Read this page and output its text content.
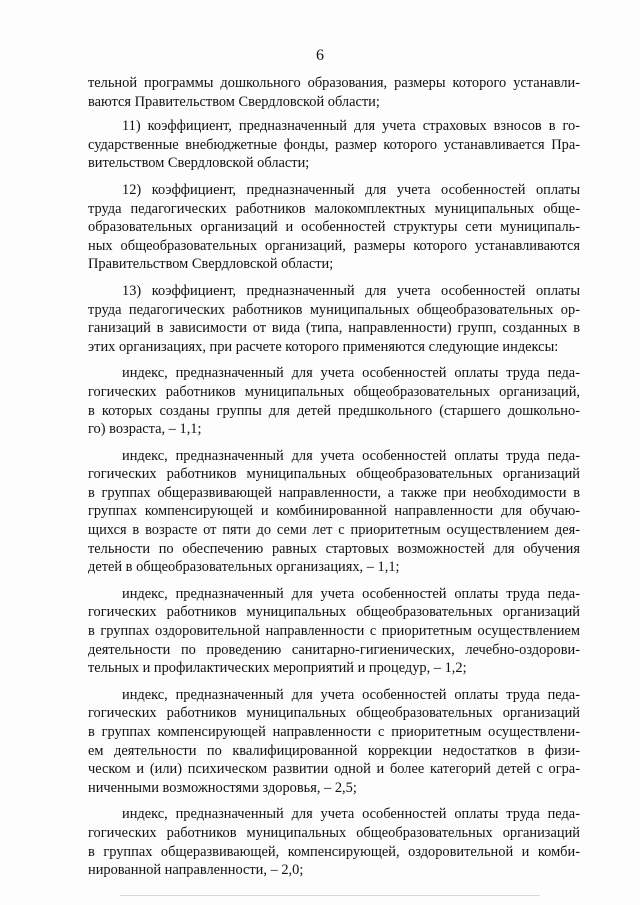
6

тельной программы дошкольного образования, размеры которого устанавли-
ваются Правительством Свердловской области;

11) коэффициент, предназначенный для учета страховых взносов в го-
сударственные внебюджетные фонды, размер которого устанавливается Пра-
вительством Свердловской области;

12) коэффициент, предназначенный для учета особенностей оплаты
труда педагогических работников малокомплектных муниципальных обще-
образовательных организаций и особенностей структуры сети муниципаль-
ных общеобразовательных организаций, размеры которого устанавливаются
Правительством Свердловской области;

13) коэффициент, предназначенный для учета особенностей оплаты
труда педагогических работников муниципальных общеобразовательных ор-
ганизаций в зависимости от вида (типа, направленности) групп, созданных в
этих организациях, при расчете которого применяются следующие индексы:

индекс, предназначенный для учета особенностей оплаты труда педа-
гогических работников муниципальных общеобразовательных организаций,
в которых созданы группы для детей предшкольного (старшего дошкольно-
го) возраста, – 1,1;

индекс, предназначенный для учета особенностей оплаты труда педа-
гогических работников муниципальных общеобразовательных организаций
в группах общеразвивающей направленности, а также при необходимости в
группах компенсирующей и комбинированной направленности для обучаю-
щихся в возрасте от пяти до семи лет с приоритетным осуществлением дея-
тельности по обеспечению равных стартовых возможностей для обучения
детей в общеобразовательных организациях, – 1,1;

индекс, предназначенный для учета особенностей оплаты труда педа-
гогических работников муниципальных общеобразовательных организаций
в группах оздоровительной направленности с приоритетным осуществлением
деятельности по проведению санитарно-гигиенических, лечебно-оздорови-
тельных и профилактических мероприятий и процедур, – 1,2;

индекс, предназначенный для учета особенностей оплаты труда педа-
гогических работников муниципальных общеобразовательных организаций
в группах компенсирующей направленности с приоритетным осуществлени-
ем деятельности по квалифицированной коррекции недостатков в физи-
ческом и (или) психическом развитии одной и более категорий детей с огра-
ниченными возможностями здоровья, – 2,5;

индекс, предназначенный для учета особенностей оплаты труда педа-
гогических работников муниципальных общеобразовательных организаций
в группах общеразвивающей, компенсирующей, оздоровительной и комби-
нированной направленности, – 2,0;
